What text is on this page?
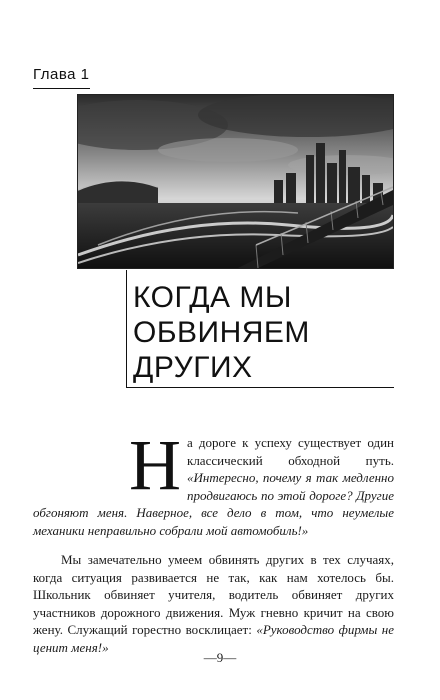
Глава 1
КОГДА МЫ
ОБВИНЯЕМ
ДРУГИХ

На дороге к успеху существует один классический обходной путь. «Интересно, почему я так медленно продвигаюсь по этой дороге? Другие обгоняют меня. Наверное, все дело в том, что неумелые механики неправильно собрали мой автомобиль!»

Мы замечательно умеем обвинять других в тех случаях, когда ситуация развивается не так, как нам хотелось бы. Школьник обвиняет учителя, водитель обвиняет других участников дорожного движения. Муж гневно кричит на свою жену. Служащий горестно восклицает: «Руководство фирмы не ценит меня!»

—9—
